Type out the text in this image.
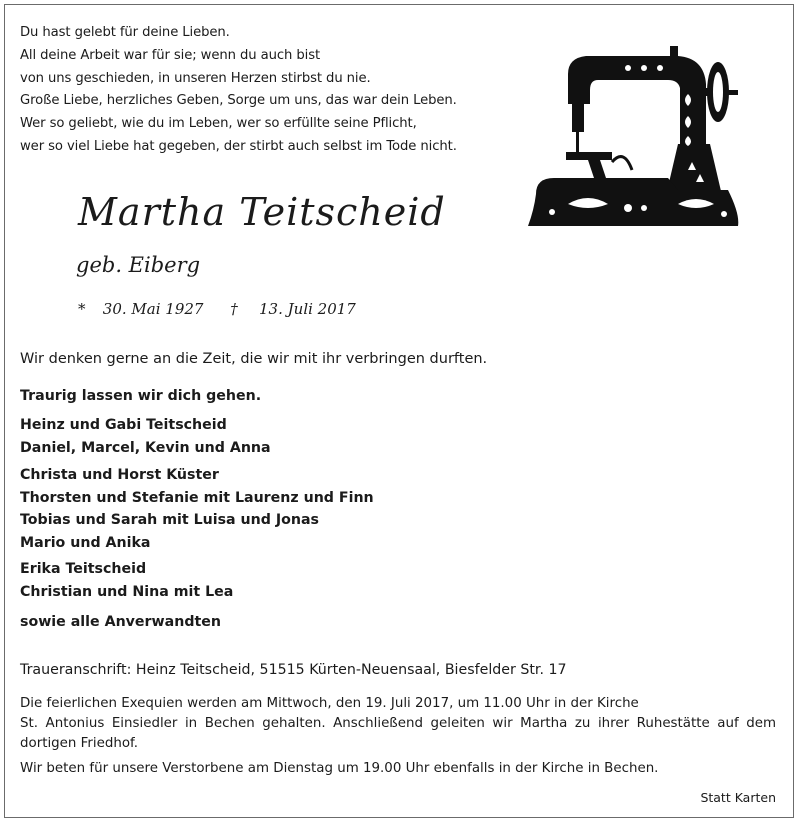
Du hast gelebt für deine Lieben.
All deine Arbeit war für sie; wenn du auch bist
von uns geschieden, in unseren Herzen stirbst du nie.
Große Liebe, herzliches Geben, Sorge um uns, das war dein Leben.
Wer so geliebt, wie du im Leben, wer so erfüllte seine Pflicht,
wer so viel Liebe hat gegeben, der stirbt auch selbst im Tode nicht.
Martha Teitscheid
geb. Eiberg
* 30. Mai 1927 † 13. Juli 2017
Wir denken gerne an die Zeit, die wir mit ihr verbringen durften.
Traurig lassen wir dich gehen.
Heinz und Gabi Teitscheid
Daniel, Marcel, Kevin und Anna
Christa und Horst Küster
Thorsten und Stefanie mit Laurenz und Finn
Tobias und Sarah mit Luisa und Jonas
Mario und Anika
Erika Teitscheid
Christian und Nina mit Lea
sowie alle Anverwandten
Traueranschrift: Heinz Teitscheid, 51515 Kürten-Neuensaal, Biesfelder Str. 17
Die feierlichen Exequien werden am Mittwoch, den 19. Juli 2017, um 11.00 Uhr in der Kirche
St. Antonius Einsiedler in Bechen gehalten. Anschließend geleiten wir Martha zu ihrer Ruhestätte auf dem
dortigen Friedhof.
Wir beten für unsere Verstorbene am Dienstag um 19.00 Uhr ebenfalls in der Kirche in Bechen.
Statt Karten
